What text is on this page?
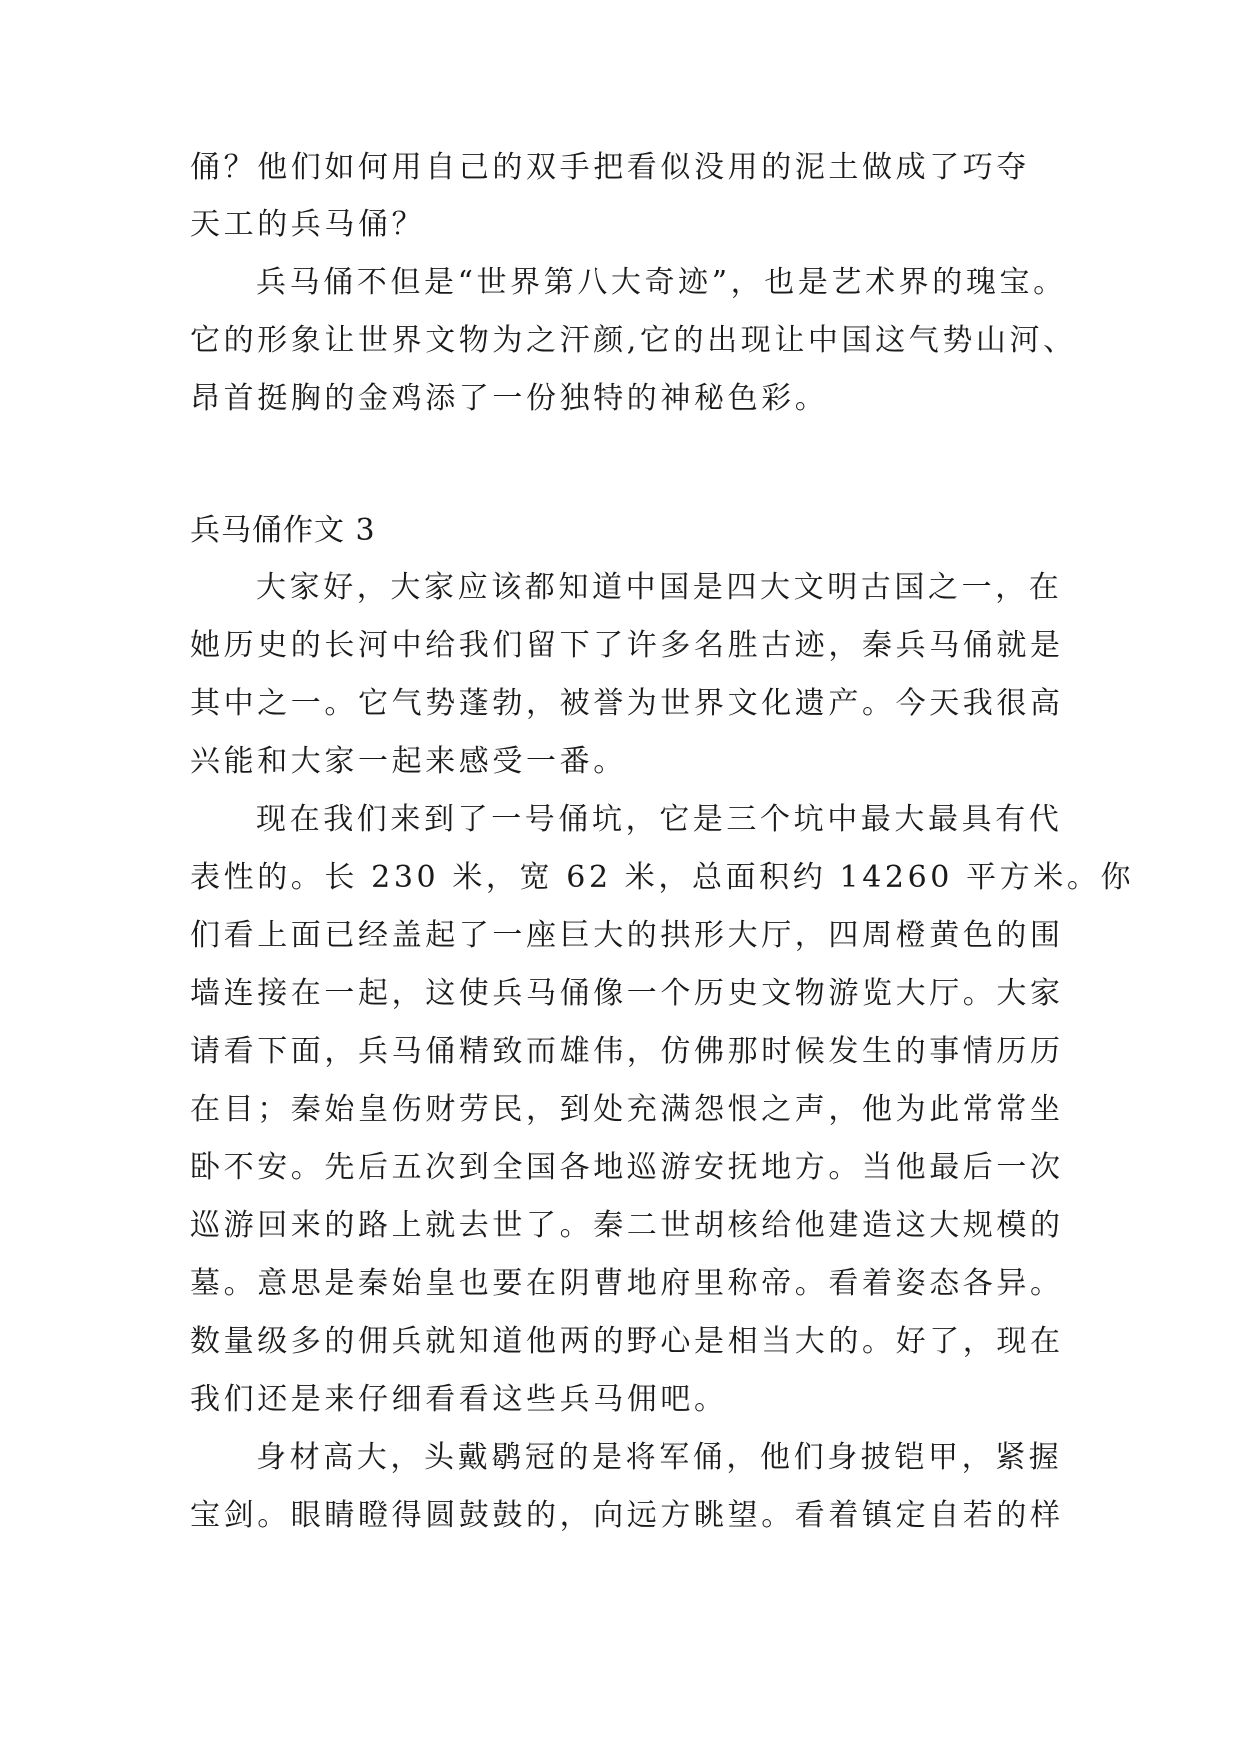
俑？他们如何用自己的双手把看似没用的泥土做成了巧夺

天工的兵马俑？

兵马俑不但是“世界第八大奇迹”，也是艺术界的瑰宝。

它的形象让世界文物为之汗颜,它的出现让中国这气势山河、

昂首挺胸的金鸡添了一份独特的神秘色彩。

兵马俑作文 3

大家好，大家应该都知道中国是四大文明古国之一，在

她历史的长河中给我们留下了许多名胜古迹，秦兵马俑就是

其中之一。它气势蓬勃，被誉为世界文化遗产。今天我很高

兴能和大家一起来感受一番。

现在我们来到了一号俑坑，它是三个坑中最大最具有代

表性的。长 230 米，宽 62 米，总面积约 14260 平方米。你

们看上面已经盖起了一座巨大的拱形大厅，四周橙黄色的围

墙连接在一起，这使兵马俑像一个历史文物游览大厅。大家

请看下面，兵马俑精致而雄伟，仿佛那时候发生的事情历历

在目；秦始皇伤财劳民，到处充满怨恨之声，他为此常常坐

卧不安。先后五次到全国各地巡游安抚地方。当他最后一次

巡游回来的路上就去世了。秦二世胡核给他建造这大规模的

墓。意思是秦始皇也要在阴曹地府里称帝。看着姿态各异。

数量级多的佣兵就知道他两的野心是相当大的。好了，现在

我们还是来仔细看看这些兵马佣吧。

身材高大，头戴鹖冠的是将军俑，他们身披铠甲，紧握

宝剑。眼睛瞪得圆鼓鼓的，向远方眺望。看着镇定自若的样
